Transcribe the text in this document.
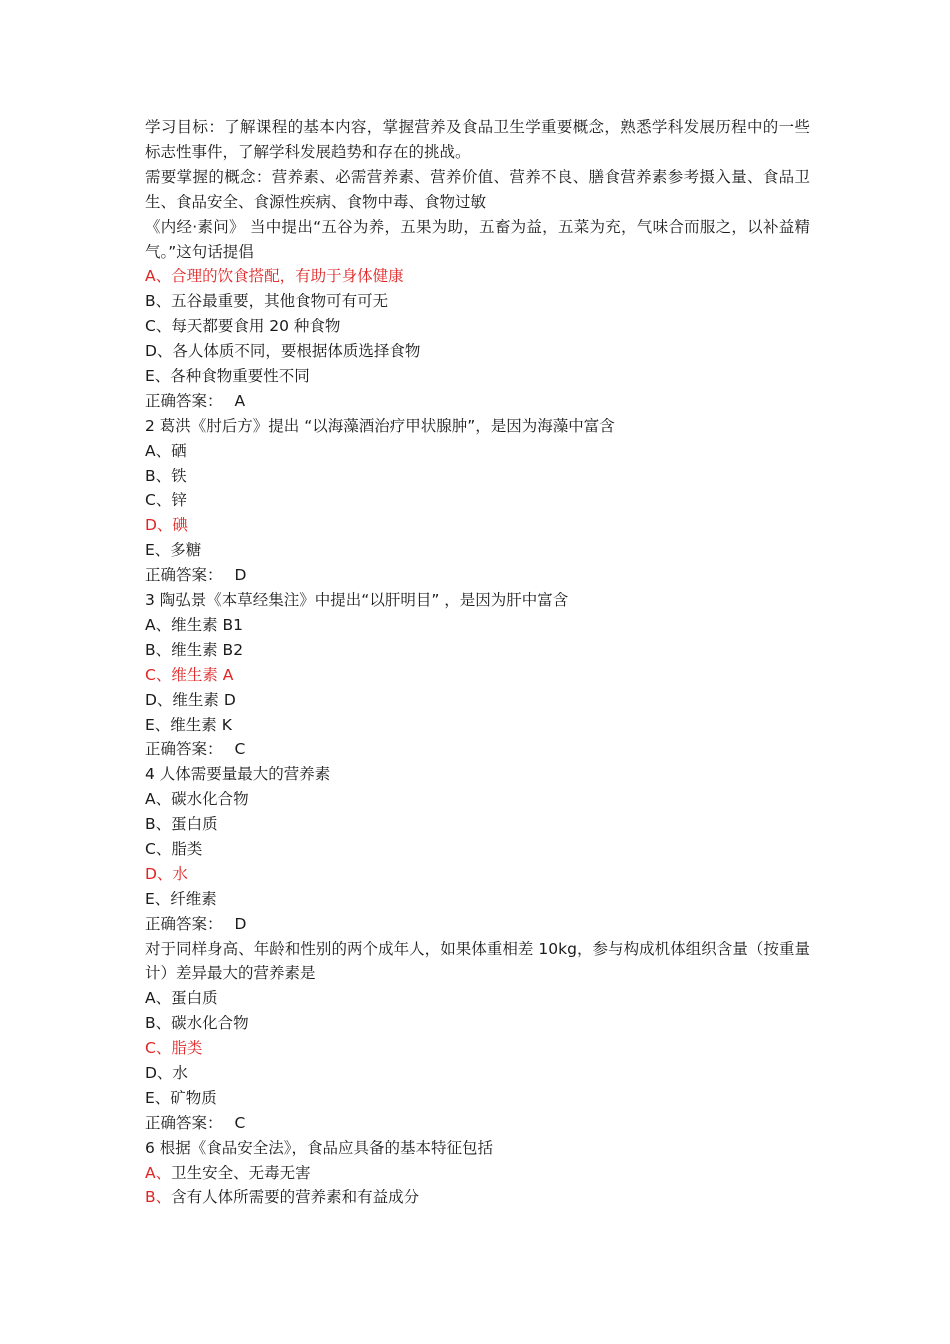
学习目标：了解课程的基本内容，掌握营养及食品卫生学重要概念，熟悉学科发展历程中的一些标志性事件，了解学科发展趋势和存在的挑战。
需要掌握的概念：营养素、必需营养素、营养价值、营养不良、膳食营养素参考摄入量、食品卫生、食品安全、食源性疾病、食物中毒、食物过敏
《内经·素问》 当中提出“五谷为养，五果为助，五畜为益，五菜为充，气味合而服之，以补益精气。”这句话提倡
A、合理的饮食搭配，有助于身体健康
B、五谷最重要，其他食物可有可无
C、每天都要食用 20 种食物
D、各人体质不同，要根据体质选择食物
E、各种食物重要性不同
正确答案： A
2 葛洪《肘后方》提出 “以海藻酒治疗甲状腺肿”，是因为海藻中富含
A、硒
B、铁
C、锌
D、碘
E、多糖
正确答案： D
3 陶弘景《本草经集注》中提出“以肝明目” ，是因为肝中富含
A、维生素 B1
B、维生素 B2
C、维生素 A
D、维生素 D
E、维生素 K
正确答案： C
4 人体需要量最大的营养素
A、碳水化合物
B、蛋白质
C、脂类
D、水
E、纤维素
正确答案： D
对于同样身高、年龄和性别的两个成年人，如果体重相差 10kg，参与构成机体组织含量（按重量计）差异最大的营养素是
A、蛋白质
B、碳水化合物
C、脂类
D、水
E、矿物质
正确答案： C
6 根据《食品安全法》，食品应具备的基本特征包括
A、卫生安全、无毒无害
B、含有人体所需要的营养素和有益成分
